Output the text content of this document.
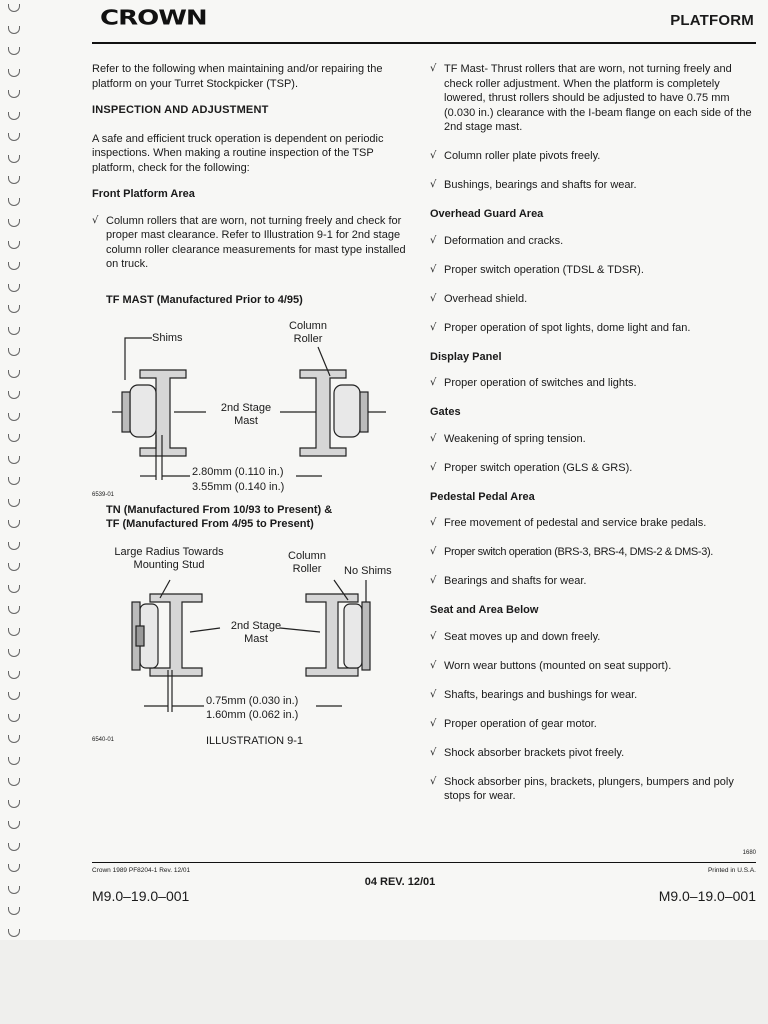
CROWN	PLATFORM

Refer to the following when maintaining and/or repairing the platform on your Turret Stockpicker (TSP).

INSPECTION AND ADJUSTMENT

A safe and efficient truck operation is dependent on periodic inspections. When making a routine inspection of the TSP platform, check for the following:

Front Platform Area

√ Column rollers that are worn, not turning freely and check for proper mast clearance. Refer to Illustration 9-1 for 2nd stage column roller clearance measurements for mast type installed on truck.
TF MAST (Manufactured Prior to 4/95)
Shims
Column
Roller
2nd Stage
Mast
2.80mm (0.110 in.)
3.55mm (0.140 in.)
6539-01
TN (Manufactured From 10/93 to Present) &
TF (Manufactured From 4/95 to Present)
Large Radius Towards
Mounting Stud
Column
Roller	No Shims
2nd Stage
Mast
0.75mm (0.030 in.)
1.60mm (0.062 in.)
6540-01	ILLUSTRATION 9-1
√ TF Mast- Thrust rollers that are worn, not turning freely and check roller adjustment. When the platform is completely lowered, thrust rollers should be adjusted to have 0.75 mm (0.030 in.) clearance with the I-beam flange on each side of the 2nd stage mast.
√ Column roller plate pivots freely.
√ Bushings, bearings and shafts for wear.

Overhead Guard Area

√ Deformation and cracks.
√ Proper switch operation (TDSL & TDSR).
√ Overhead shield.
√ Proper operation of spot lights, dome light and fan.

Display Panel

√ Proper operation of switches and lights.

Gates

√ Weakening of spring tension.
√ Proper switch operation (GLS & GRS).

Pedestal Pedal Area

√ Free movement of pedestal and service brake pedals.
√ Proper switch operation (BRS-3, BRS-4, DMS-2 & DMS-3).
√ Bearings and shafts for wear.

Seat and Area Below

√ Seat moves up and down freely.
√ Worn wear buttons (mounted on seat support).
√ Shafts, bearings and bushings for wear.
√ Proper operation of gear motor.
√ Shock absorber brackets pivot freely.
√ Shock absorber pins, brackets, plungers, bumpers and poly stops for wear.
1680
Crown 1989 PF8204-1 Rev. 12/01	Printed in U.S.A.
04 REV. 12/01
M9.0–19.0–001	M9.0–19.0–001
